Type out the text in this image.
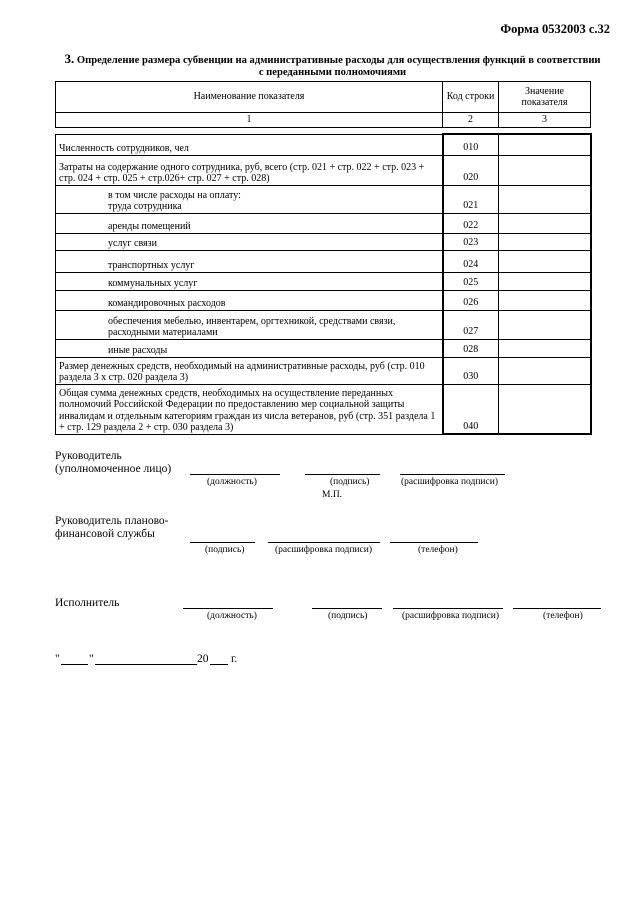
Форма 0532003 с.32
3. Определение размера субвенции на административные расходы для осуществления функций в соответствии
с переданными полномочиями
Наименование показателя	Код строки	Значение показателя
1	2	3

Численность сотрудников, чел	010	
Затраты на содержание одного сотрудника, руб, всего (стр. 021 + стр. 022 + стр. 023 + стр. 024 + стр. 025 + стр.026+ стр. 027 + стр. 028)	020	
в том числе расходы на оплату:
труда сотрудника	021	
аренды помещений	022	
услуг связи	023	
транспортных услуг	024	
коммунальных услуг	025	
командировочных расходов	026	
обеспечения мебелью, инвентарем, оргтехникой, средствами связи, расходными материалами	027	
иные расходы	028	
Размер денежных средств, необходимый на административные расходы, руб (стр. 010 раздела 3 х стр. 020 раздела 3)	030	
Общая сумма денежных средств, необходимых на осуществление переданных полномочий Российской Федерации по предоставлению мер социальной защиты инвалидам и отдельным категориям граждан из числа ветеранов, руб (стр. 351 раздела 1 + стр. 129 раздела 2 + стр. 030 раздела 3)	040	
Руководитель
(уполномоченное лицо)
(должность)	(подпись)	(расшифровка подписи)
М.П.
Руководитель планово-
финансовой службы
(подпись)	(расшифровка подписи)	(телефон)
Исполнитель
(должность)	(подпись)	(расшифровка подписи)	(телефон)
"	"	20 г.
